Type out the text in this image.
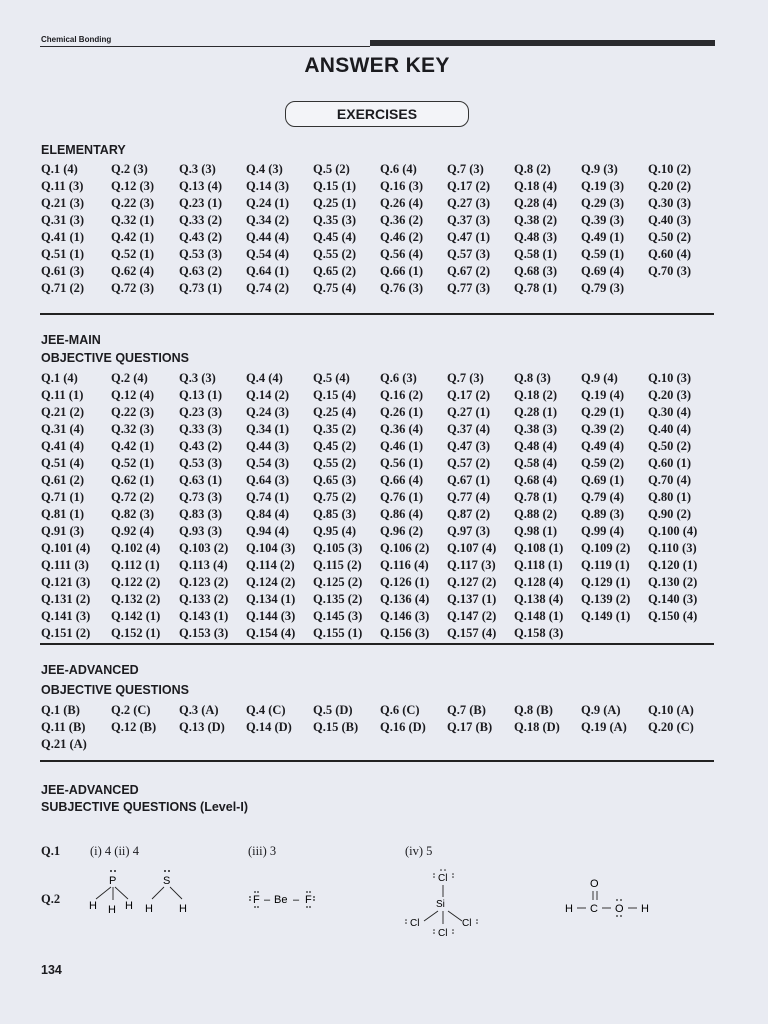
Chemical Bonding
ANSWER KEY
EXERCISES
ELEMENTARY
Q.1 (4)	Q.2 (3) Q.3 (3) Q.4 (3) Q.5 (2) Q.6 (4) Q.7 (3) Q.8 (2) Q.9 (3) Q.10 (2)
Q.11 (3) Q.12 (3) Q.13 (4) Q.14 (3) Q.15 (1) Q.16 (3) Q.17 (2) Q.18 (4) Q.19 (3) Q.20 (2)
Q.21 (3) Q.22 (3) Q.23 (1) Q.24 (1) Q.25 (1) Q.26 (4) Q.27 (3) Q.28 (4) Q.29 (3) Q.30 (3)
Q.31 (3) Q.32 (1) Q.33 (2) Q.34 (2) Q.35 (3) Q.36 (2) Q.37 (3) Q.38 (2) Q.39 (3) Q.40 (3)
Q.41 (1) Q.42 (1) Q.43 (2) Q.44 (4) Q.45 (4) Q.46 (2) Q.47 (1) Q.48 (3) Q.49 (1) Q.50 (2)
Q.51 (1) Q.52 (1) Q.53 (3) Q.54 (4) Q.55 (2) Q.56 (4) Q.57 (3) Q.58 (1) Q.59 (1) Q.60 (4)
Q.61 (3) Q.62 (4) Q.63 (2) Q.64 (1) Q.65 (2) Q.66 (1) Q.67 (2) Q.68 (3) Q.69 (4) Q.70 (3)
Q.71 (2) Q.72 (3) Q.73 (1) Q.74 (2) Q.75 (4) Q.76 (3) Q.77 (3) Q.78 (1) Q.79 (3)
JEE-MAIN
OBJECTIVE QUESTIONS
Q.1 (4)	Q.2 (4) Q.3 (3) Q.4 (4) Q.5 (4) Q.6 (3) Q.7 (3) Q.8 (3) Q.9 (4) Q.10 (3)
Q.11 (1) Q.12 (4) Q.13 (1) Q.14 (2) Q.15 (4) Q.16 (2) Q.17 (2) Q.18 (2) Q.19 (4) Q.20 (3)
Q.21 (2) Q.22 (3) Q.23 (3) Q.24 (3) Q.25 (4) Q.26 (1) Q.27 (1) Q.28 (1) Q.29 (1) Q.30 (4)
Q.31 (4) Q.32 (3) Q.33 (3) Q.34 (1) Q.35 (2) Q.36 (4) Q.37 (4) Q.38 (3) Q.39 (2) Q.40 (4)
Q.41 (4) Q.42 (1) Q.43 (2) Q.44 (3) Q.45 (2) Q.46 (1) Q.47 (3) Q.48 (4) Q.49 (4) Q.50 (2)
Q.51 (4) Q.52 (1) Q.53 (3) Q.54 (3) Q.55 (2) Q.56 (1) Q.57 (2) Q.58 (4) Q.59 (2) Q.60 (1)
Q.61 (2) Q.62 (1) Q.63 (1) Q.64 (3) Q.65 (3) Q.66 (4) Q.67 (1) Q.68 (4) Q.69 (1) Q.70 (4)
Q.71 (1) Q.72 (2) Q.73 (3) Q.74 (1) Q.75 (2) Q.76 (1) Q.77 (4) Q.78 (1) Q.79 (4) Q.80 (1)
Q.81 (1) Q.82 (3) Q.83 (3) Q.84 (4) Q.85 (3) Q.86 (4) Q.87 (2) Q.88 (2) Q.89 (3) Q.90 (2)
Q.91 (3) Q.92 (4) Q.93 (3) Q.94 (4) Q.95 (4) Q.96 (2) Q.97 (3) Q.98 (1) Q.99 (4) Q.100 (4)
Q.101 (4) Q.102 (4) Q.103 (2) Q.104 (3) Q.105 (3) Q.106 (2) Q.107 (4) Q.108 (1) Q.109 (2) Q.110 (3)
Q.111 (3) Q.112 (1) Q.113 (4) Q.114 (2) Q.115 (2) Q.116 (4) Q.117 (3) Q.118 (1) Q.119 (1) Q.120 (1)
Q.121 (3) Q.122 (2) Q.123 (2) Q.124 (2) Q.125 (2) Q.126 (1) Q.127 (2) Q.128 (4) Q.129 (1) Q.130 (2)
Q.131 (2) Q.132 (2) Q.133 (2) Q.134 (1) Q.135 (2) Q.136 (4) Q.137 (1) Q.138 (4) Q.139 (2) Q.140 (3)
Q.141 (3) Q.142 (1) Q.143 (1) Q.144 (3) Q.145 (3) Q.146 (3) Q.147 (2) Q.148 (1) Q.149 (1) Q.150 (4)
Q.151 (2) Q.152 (1) Q.153 (3) Q.154 (4) Q.155 (1) Q.156 (3) Q.157 (4) Q.158 (3)
JEE-ADVANCED
OBJECTIVE QUESTIONS
Q.1 (B) Q.2 (C) Q.3 (A) Q.4 (C) Q.5 (D) Q.6 (C) Q.7 (B) Q.8 (B) Q.9 (A) Q.10 (A)
Q.11 (B) Q.12 (B) Q.13 (D) Q.14 (D) Q.15 (B) Q.16 (D) Q.17 (B) Q.18 (D) Q.19 (A) Q.20 (C)
Q.21 (A)
JEE-ADVANCED
SUBJECTIVE QUESTIONS (Level-I)
Q.1 (i) 4 (ii) 4	(iii) 3	(iv) 5
Q.2
P
H H H
S
H H
F – Be – F
Cl
Si
Cl	Cl
Cl
O
H C O H
134
